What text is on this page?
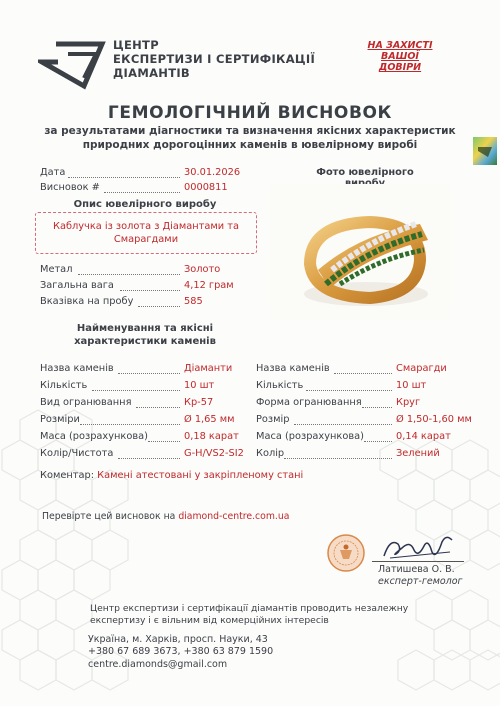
ЦЕНТР
ЕКСПЕРТИЗИ І СЕРТИФІКАЦІЇ
ДІАМАНТІВ
НА ЗАХИСТІ
ВАШОЇ
ДОВІРИ
ГЕМОЛОГІЧНИЙ ВИСНОВОК
за результатами діагностики та визначення якісних характеристик
природних дорогоцінних каменів в ювелірному виробі
Дата	30.01.2026
Висновок #	0000811
Фото ювелірного
Опис ювелірного виробу
Каблучка із золота з Діамантами та
Смарагдами
Метал	Золото
Загальна вага	4,12 грам
Вказівка на пробу	585
Найменування та якісні
характеристики каменів
Назва каменів	Діаманти
Кількість	10 шт
Вид огранювання	Кр-57
Розміри	Ø 1,65 мм
Маса (розрахункова)	0,18 карат
Колір/Чистота	G-H/VS2-SI2
Назва каменів	Смарагди
Кількість	10 шт
Форма огранювання	Круг
Розмір	Ø 1,50-1,60 мм
Маса (розрахункова)	0,14 карат
Колір	Зелений
Коментар: Камені атестовані у закріпленому стані
Перевірте цей висновок на diamond-centre.com.ua
Латишева О. В.
експерт-гемолог
Центр експертизи і сертифікації діамантів проводить незалежну
експертизу і є вільним від комерційних інтересів
Україна, м. Харків, просп. Науки, 43
+380 67 689 3673, +380 63 879 1590
centre.diamonds@gmail.com
